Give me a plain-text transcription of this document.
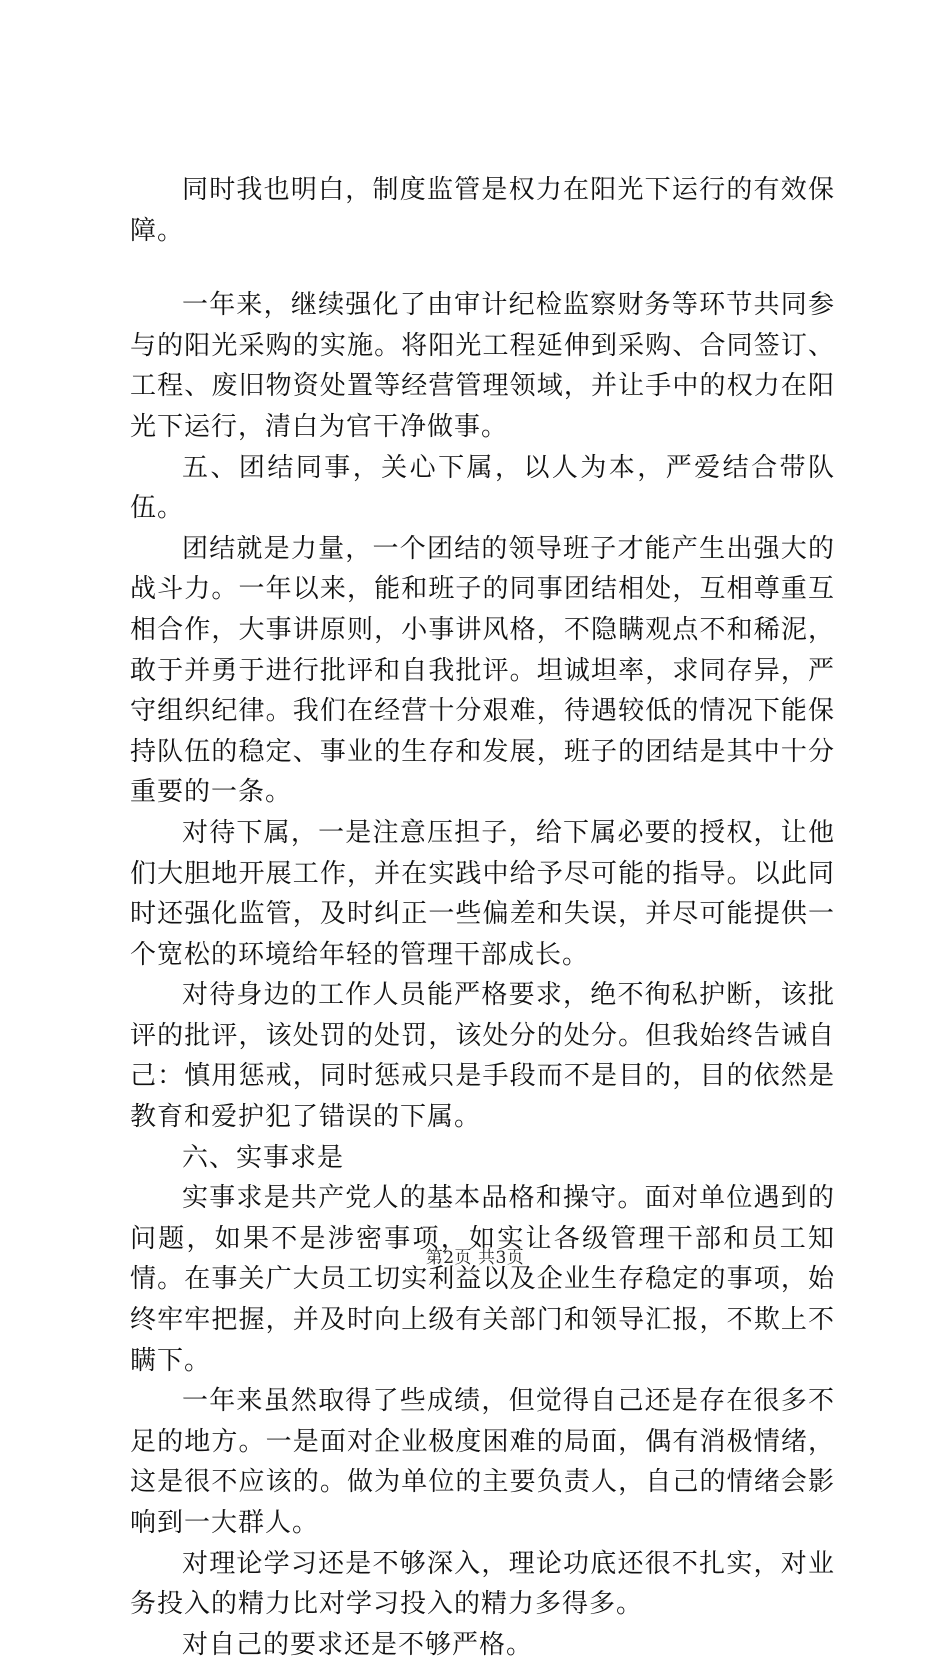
同时我也明白，制度监管是权力在阳光下运行的有效保障。

一年来，继续强化了由审计纪检监察财务等环节共同参与的阳光采购的实施。将阳光工程延伸到采购、合同签订、工程、废旧物资处置等经营管理领域，并让手中的权力在阳光下运行，清白为官干净做事。

五、团结同事，关心下属，以人为本，严爱结合带队伍。

团结就是力量，一个团结的领导班子才能产生出强大的战斗力。一年以来，能和班子的同事团结相处，互相尊重互相合作，大事讲原则，小事讲风格，不隐瞒观点不和稀泥，敢于并勇于进行批评和自我批评。坦诚坦率，求同存异，严守组织纪律。我们在经营十分艰难，待遇较低的情况下能保持队伍的稳定、事业的生存和发展，班子的团结是其中十分重要的一条。

对待下属，一是注意压担子，给下属必要的授权，让他们大胆地开展工作，并在实践中给予尽可能的指导。以此同时还强化监管，及时纠正一些偏差和失误，并尽可能提供一个宽松的环境给年轻的管理干部成长。

对待身边的工作人员能严格要求，绝不徇私护断，该批评的批评，该处罚的处罚，该处分的处分。但我始终告诫自己：慎用惩戒，同时惩戒只是手段而不是目的，目的依然是教育和爱护犯了错误的下属。

六、实事求是

实事求是共产党人的基本品格和操守。面对单位遇到的问题，如果不是涉密事项，如实让各级管理干部和员工知情。在事关广大员工切实利益以及企业生存稳定的事项，始终牢牢把握，并及时向上级有关部门和领导汇报，不欺上不瞒下。

一年来虽然取得了些成绩，但觉得自己还是存在很多不足的地方。一是面对企业极度困难的局面，偶有消极情绪，这是很不应该的。做为单位的主要负责人，自己的情绪会影响到一大群人。

对理论学习还是不够深入，理论功底还很不扎实，对业务投入的精力比对学习投入的精力多得多。

对自己的要求还是不够严格。

第2页 共3页
